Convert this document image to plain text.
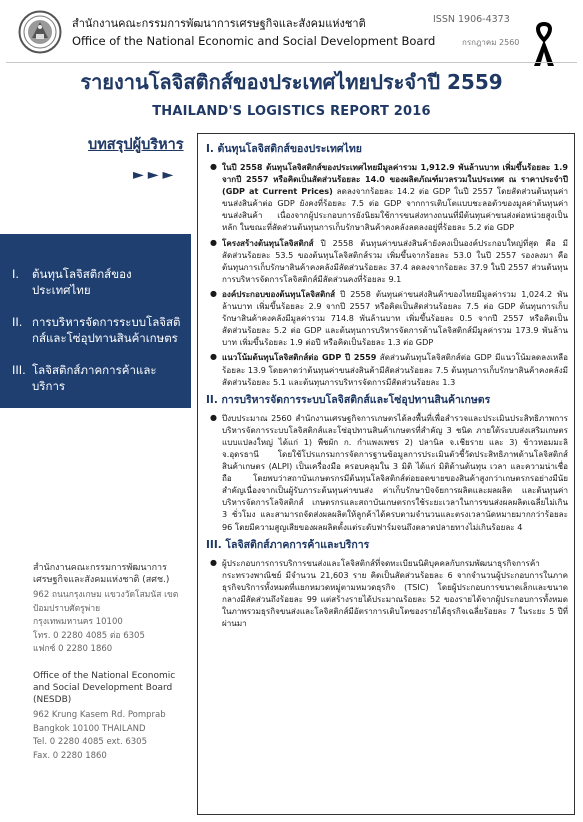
สำนักงานคณะกรรมการพัฒนาการเศรษฐกิจและสังคมแห่งชาติ
Office of the National Economic and Social Development Board
ISSN 1906-4373
กรกฎาคม 2560
รายงานโลจิสติกส์ของประเทศไทยประจำปี 2559
THAILAND'S LOGISTICS REPORT 2016
บทสรุปผู้บริหาร
►►►
I.	ต้นทุนโลจิสติกส์ของประเทศไทย
II. การบริหารจัดการระบบโลจิสติกส์และโซ่อุปทานสินค้าเกษตร
III. โลจิสติกส์ภาคการค้าและบริการ
สำนักงานคณะกรรมการพัฒนาการเศรษฐกิจและสังคมแห่งชาติ (สศช.)
962 ถนนกรุงเกษม แขวงวัดโสมนัส เขตป้อมปราบศัตรูพ่าย
กรุงเทพมหานคร 10100
โทร. 0 2280 4085 ต่อ 6305
แฟกซ์ 0 2280 1860
Office of the National Economic and Social Development Board (NESDB)
962 Krung Kasem Rd. Pomprab
Bangkok 10100 THAILAND
Tel. 0 2280 4085 ext. 6305
Fax. 0 2280 1860
I. ต้นทุนโลจิสติกส์ของประเทศไทย
● ในปี 2558 ต้นทุนโลจิสติกส์ของประเทศไทยมีมูลค่ารวม 1,912.9 พันล้านบาท เพิ่มขึ้นร้อยละ 1.9 จากปี 2557 หรือคิดเป็นสัดส่วนร้อยละ 14.0 ของผลิตภัณฑ์มวลรวมในประเทศ ณ ราคาประจำปี (GDP at Current Prices) ลดลงจากร้อยละ 14.2 ต่อ GDP ในปี 2557 โดยสัดส่วนต้นทุนค่าขนส่งสินค้าต่อ GDP ยังคงที่ร้อยละ 7.5 ต่อ GDP จากการเติบโตแบบชะลอตัวของมูลค่าต้นทุนค่าขนส่งสินค้า เนื่องจากผู้ประกอบการยังนิยมใช้การขนส่งทางถนนที่มีต้นทุนค่าขนส่งต่อหน่วยสูงเป็นหลัก ในขณะที่สัดส่วนต้นทุนการเก็บรักษาสินค้าคงคลังลดลงอยู่ที่ร้อยละ 5.2 ต่อ GDP
● โครงสร้างต้นทุนโลจิสติกส์ ปี 2558 ต้นทุนค่าขนส่งสินค้ายังคงเป็นองค์ประกอบใหญ่ที่สุด คือ มีสัดส่วนร้อยละ 53.5 ของต้นทุนโลจิสติกส์รวม เพิ่มขึ้นจากร้อยละ 53.0 ในปี 2557 รองลงมา คือ ต้นทุนการเก็บรักษาสินค้าคงคลังมีสัดส่วนร้อยละ 37.4 ลดลงจากร้อยละ 37.9 ในปี 2557 ส่วนต้นทุนการบริหารจัดการโลจิสติกส์มีสัดส่วนคงที่ร้อยละ 9.1
● องค์ประกอบของต้นทุนโลจิสติกส์ ปี 2558 ต้นทุนค่าขนส่งสินค้าของไทยมีมูลค่ารวม 1,024.2 พันล้านบาท เพิ่มขึ้นร้อยละ 2.9 จากปี 2557 หรือคิดเป็นสัดส่วนร้อยละ 7.5 ต่อ GDP ต้นทุนการเก็บรักษาสินค้าคงคลังมีมูลค่ารวม 714.8 พันล้านบาท เพิ่มขึ้นร้อยละ 0.5 จากปี 2557 หรือคิดเป็นสัดส่วนร้อยละ 5.2 ต่อ GDP และต้นทุนการบริหารจัดการด้านโลจิสติกส์มีมูลค่ารวม 173.9 พันล้านบาท เพิ่มขึ้นร้อยละ 1.9 ต่อปี หรือคิดเป็นร้อยละ 1.3 ต่อ GDP
● แนวโน้มต้นทุนโลจิสติกส์ต่อ GDP ปี 2559 สัดส่วนต้นทุนโลจิสติกส์ต่อ GDP มีแนวโน้มลดลงเหลือร้อยละ 13.9 โดยคาดว่าต้นทุนค่าขนส่งสินค้ามีสัดส่วนร้อยละ 7.5 ต้นทุนการเก็บรักษาสินค้าคงคลังมีสัดส่วนร้อยละ 5.1 และต้นทุนการบริหารจัดการมีสัดส่วนร้อยละ 1.3
II. การบริหารจัดการระบบโลจิสติกส์และโซ่อุปทานสินค้าเกษตร
● ปีงบประมาณ 2560 สำนักงานเศรษฐกิจการเกษตรได้ลงพื้นที่เพื่อสำรวจและประเมินประสิทธิภาพการบริหารจัดการระบบโลจิสติกส์และโซ่อุปทานสินค้าเกษตรที่สำคัญ 3 ชนิด ภายใต้ระบบส่งเสริมเกษตรแบบแปลงใหญ่ ได้แก่ 1) พืชผัก ก. กำแพงเพชร 2) ปลานิล จ.เชียราย และ 3) ข้าวหอมมะลิ จ.อุดรธานี โดยใช้โปรแกรมการจัดการฐานข้อมูลการประเมินตัวชี้วัดประสิทธิภาพด้านโลจิสติกส์สินค้าเกษตร (ALPI) เป็นเครื่องมือ ครอบคลุมใน 3 มิติ ได้แก่ มิติด้านต้นทุน เวลา และความน่าเชื่อถือ โดยพบว่าสถาบันเกษตรกรมีต้นทุนโลจิสติกส์ต่อยอดขายของสินค้าสูงกว่าเกษตรกรอย่างมีนัยสำคัญเนื่องจากเป็นผู้รับภาระต้นทุนค่าขนส่ง ค่าเก็บรักษาปัจจัยการผลิตและผลผลิต และต้นทุนค่าบริหารจัดการโลจิสติกส์ เกษตรกรและสถาบันเกษตรกรใช้ระยะเวลาในการขนส่งผลผลิตเฉลี่ยไม่เกิน 3 ชั่วโมง และสามารถจัดส่งผลผลิตให้ลูกค้าได้ครบตามจำนวนและตรงเวลานัดหมายมากกว่าร้อยละ 96 โดยมีความสูญเสียของผลผลิตตั้งแต่ระดับฟาร์มจนถึงตลาดปลายทางไม่เกินร้อยละ 4
III. โลจิสติกส์ภาคการค้าและบริการ
● ผู้ประกอบการการบริการขนส่งและโลจิสติกส์ที่จดทะเบียนนิติบุคคลกับกรมพัฒนาธุรกิจการค้า กระทรวงพาณิชย์ มีจำนวน 21,603 ราย คิดเป็นสัดส่วนร้อยละ 6 จากจำนวนผู้ประกอบการในภาคธุรกิจบริการทั้งหมดที่แยกหมวดหมู่ตามหมวดธุรกิจ (TSIC) โดยผู้ประกอบการขนาดเล็กและขนาดกลางมีสัดส่วนถึงร้อยละ 99 แต่สร้างรายได้ประมาณร้อยละ 52 ของรายได้จากผู้ประกอบการทั้งหมด ในภาพรวมธุรกิจขนส่งและโลจิสติกส์มีอัตราการเติบโตของรายได้ธุรกิจเฉลี่ยร้อยละ 7 ในระยะ 5 ปีที่ผ่านมา
